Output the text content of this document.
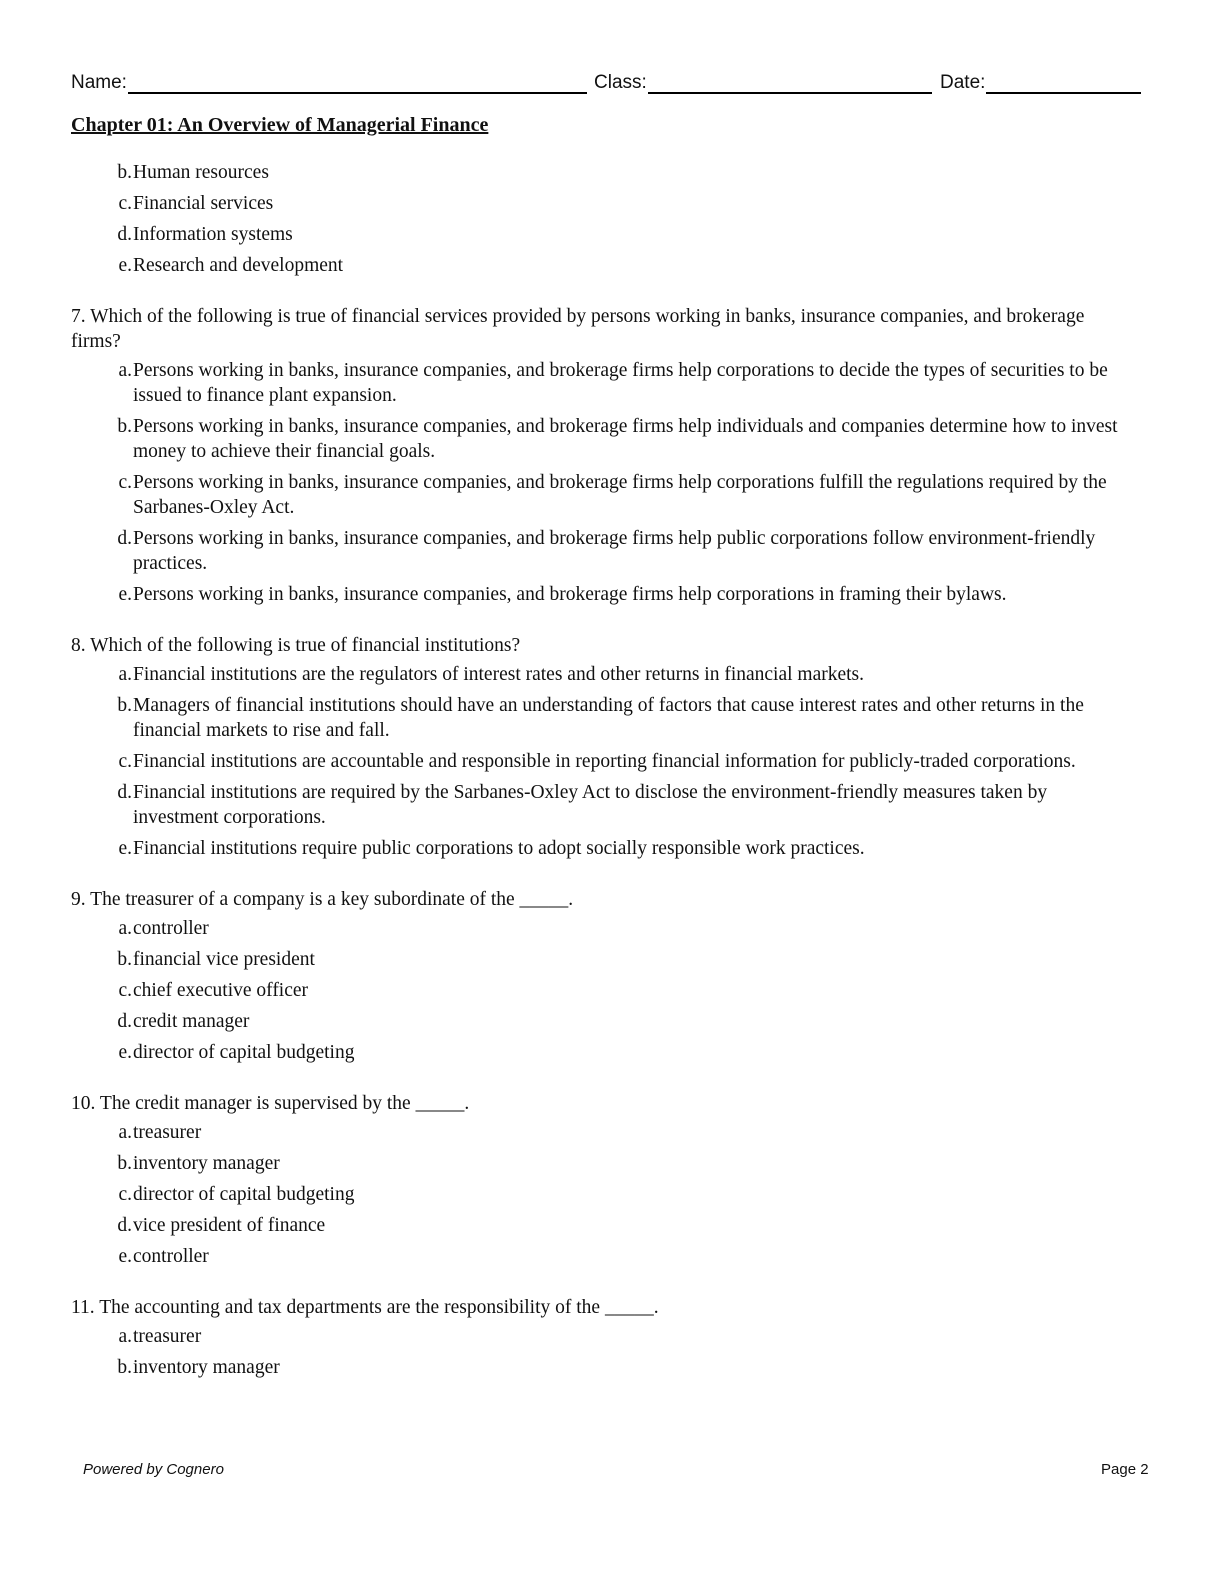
Name:	Class:	Date:
Chapter 01: An Overview of Managerial Finance
b. Human resources
c. Financial services
d. Information systems
e. Research and development
7. Which of the following is true of financial services provided by persons working in banks, insurance companies, and brokerage firms?
a. Persons working in banks, insurance companies, and brokerage firms help corporations to decide the types of securities to be issued to finance plant expansion.
b. Persons working in banks, insurance companies, and brokerage firms help individuals and companies determine how to invest money to achieve their financial goals.
c. Persons working in banks, insurance companies, and brokerage firms help corporations fulfill the regulations required by the Sarbanes-Oxley Act.
d. Persons working in banks, insurance companies, and brokerage firms help public corporations follow environment-friendly practices.
e. Persons working in banks, insurance companies, and brokerage firms help corporations in framing their bylaws.
8. Which of the following is true of financial institutions?
a. Financial institutions are the regulators of interest rates and other returns in financial markets.
b. Managers of financial institutions should have an understanding of factors that cause interest rates and other returns in the financial markets to rise and fall.
c. Financial institutions are accountable and responsible in reporting financial information for publicly-traded corporations.
d. Financial institutions are required by the Sarbanes-Oxley Act to disclose the environment-friendly measures taken by investment corporations.
e. Financial institutions require public corporations to adopt socially responsible work practices.
9. The treasurer of a company is a key subordinate of the _____.
a. controller
b. financial vice president
c. chief executive officer
d. credit manager
e. director of capital budgeting
10. The credit manager is supervised by the _____.
a. treasurer
b. inventory manager
c. director of capital budgeting
d. vice president of finance
e. controller
11. The accounting and tax departments are the responsibility of the _____.
a. treasurer
b. inventory manager
Powered by Cognero	Page 2
